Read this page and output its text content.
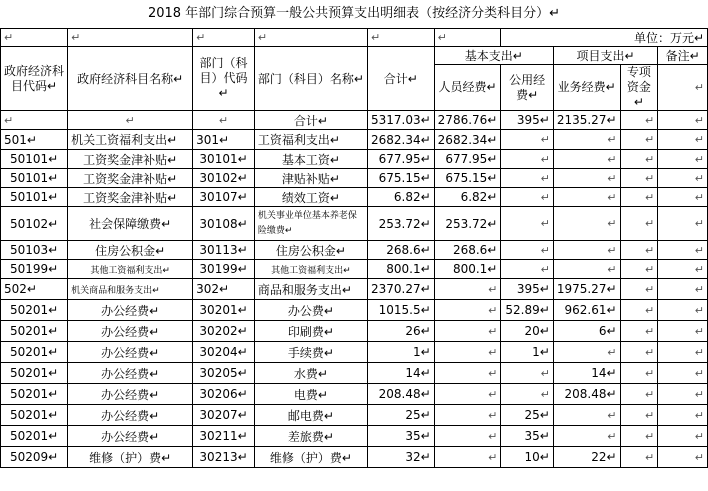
2018 年部门综合预算一般公共预算支出明细表（按经济分类科目分）↵
↵	↵	↵	↵	↵	↵	单位：万元↵			
政府经济科目代码↵	政府经济科目名称↵	部门（科目）代码↵	部门（科目）名称↵	合计↵	基本支出↵		项目支出↵		备注↵
					人员经费↵	公用经费↵	业务经费↵	专项资金↵	↵
↵	↵	↵	合计↵	5317.03↵	2786.76↵	395↵	2135.27↵	↵	↵
501↵	机关工资福利支出↵	301↵	工资福利支出↵	2682.34↵	2682.34↵	↵	↵	↵	↵
50101↵	工资奖金津补贴↵	30101↵	基本工资↵	677.95↵	677.95↵	↵	↵	↵	↵
50101↵	工资奖金津补贴↵	30102↵	津贴补贴↵	675.15↵	675.15↵	↵	↵	↵	↵
50101↵	工资奖金津补贴↵	30107↵	绩效工资↵	6.82↵	6.82↵	↵	↵	↵	↵
50102↵	社会保障缴费↵	30108↵	机关事业单位基本养老保险缴费↵	253.72↵	253.72↵	↵	↵	↵	↵
50103↵	住房公积金↵	30113↵	住房公积金↵	268.6↵	268.6↵	↵	↵	↵	↵
50199↵	其他工资福利支出↵	30199↵	其他工资福利支出↵	800.1↵	800.1↵	↵	↵	↵	↵
502↵	机关商品和服务支出↵	302↵	商品和服务支出↵	2370.27↵	↵	395↵	1975.27↵	↵	↵
50201↵	办公经费↵	30201↵	办公费↵	1015.5↵	↵	52.89↵	962.61↵	↵	↵
50201↵	办公经费↵	30202↵	印刷费↵	26↵	↵	20↵	6↵	↵	↵
50201↵	办公经费↵	30204↵	手续费↵	1↵	↵	1↵	↵	↵	↵
50201↵	办公经费↵	30205↵	水费↵	14↵	↵	↵	14↵	↵	↵
50201↵	办公经费↵	30206↵	电费↵	208.48↵	↵	↵	208.48↵	↵	↵
50201↵	办公经费↵	30207↵	邮电费↵	25↵	↵	25↵	↵	↵	↵
50201↵	办公经费↵	30211↵	差旅费↵	35↵	↵	35↵	↵	↵	↵
50209↵	维修（护）费↵	30213↵	维修（护）费↵	32↵	↵	10↵	22↵	↵	↵
